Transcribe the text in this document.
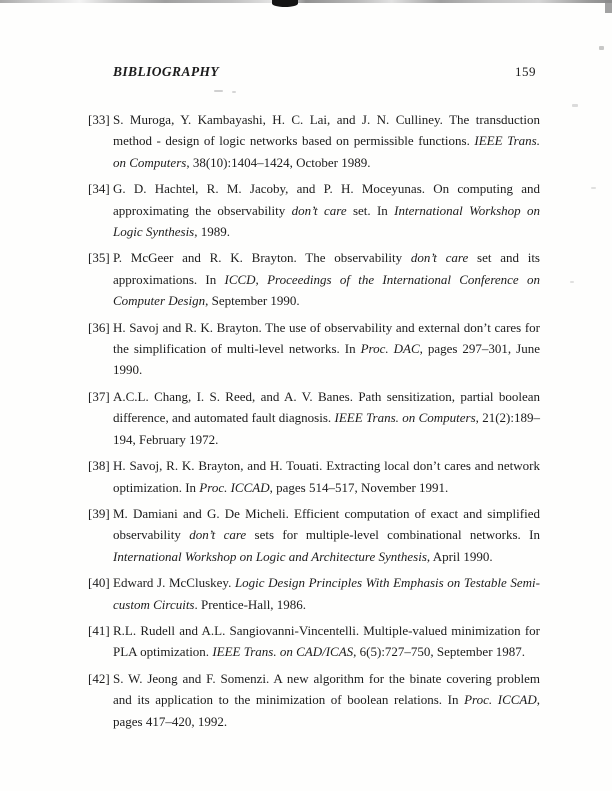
BIBLIOGRAPHY	159
[33] S. Muroga, Y. Kambayashi, H. C. Lai, and J. N. Culliney. The transduction method - design of logic networks based on permissible functions. IEEE Trans. on Computers, 38(10):1404–1424, October 1989.
[34] G. D. Hachtel, R. M. Jacoby, and P. H. Moceyunas. On computing and approximating the observability don’t care set. In International Workshop on Logic Synthesis, 1989.
[35] P. McGeer and R. K. Brayton. The observability don’t care set and its approximations. In ICCD, Proceedings of the International Conference on Computer Design, September 1990.
[36] H. Savoj and R. K. Brayton. The use of observability and external don’t cares for the simplification of multi-level networks. In Proc. DAC, pages 297–301, June 1990.
[37] A.C.L. Chang, I. S. Reed, and A. V. Banes. Path sensitization, partial boolean difference, and automated fault diagnosis. IEEE Trans. on Computers, 21(2):189–194, February 1972.
[38] H. Savoj, R. K. Brayton, and H. Touati. Extracting local don’t cares and network optimization. In Proc. ICCAD, pages 514–517, November 1991.
[39] M. Damiani and G. De Micheli. Efficient computation of exact and simplified observability don’t care sets for multiple-level combinational networks. In International Workshop on Logic and Architecture Synthesis, April 1990.
[40] Edward J. McCluskey. Logic Design Principles With Emphasis on Testable Semi-custom Circuits. Prentice-Hall, 1986.
[41] R.L. Rudell and A.L. Sangiovanni-Vincentelli. Multiple-valued minimization for PLA optimization. IEEE Trans. on CAD/ICAS, 6(5):727–750, September 1987.
[42] S. W. Jeong and F. Somenzi. A new algorithm for the binate covering problem and its application to the minimization of boolean relations. In Proc. ICCAD, pages 417–420, 1992.
